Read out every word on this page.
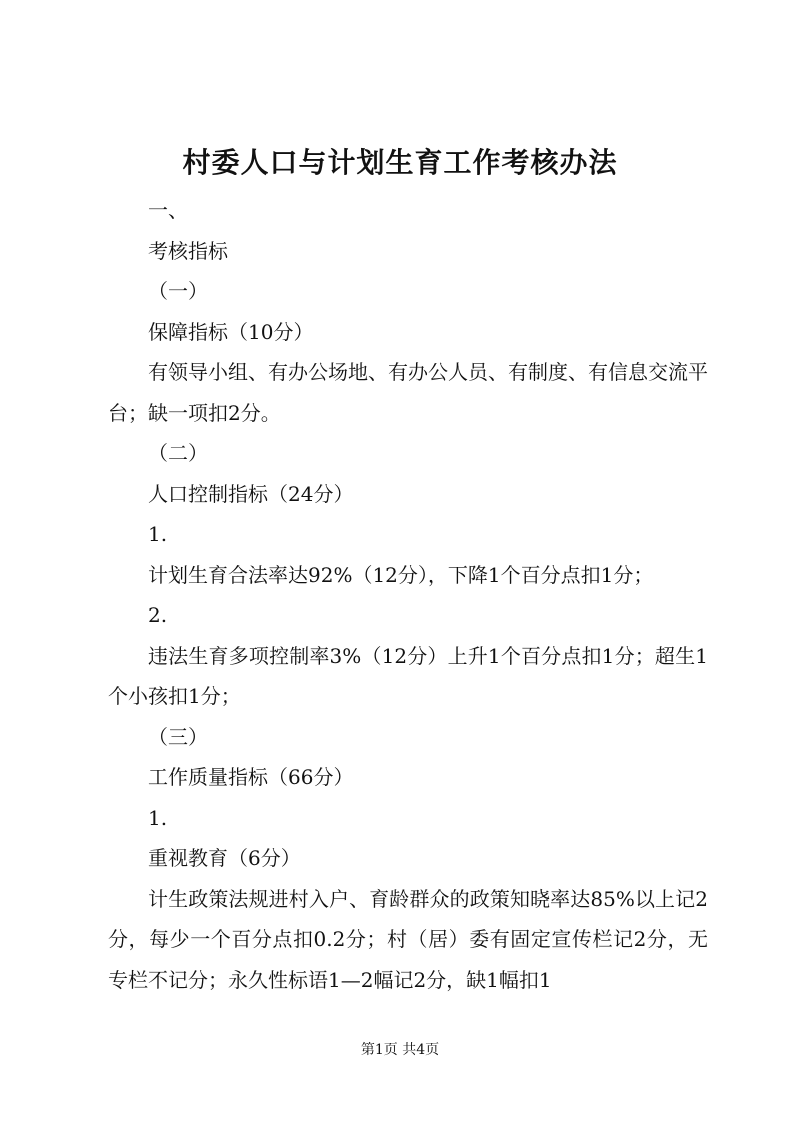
村委人口与计划生育工作考核办法

一、

考核指标

（一）

保障指标（10分）

有领导小组、有办公场地、有办公人员、有制度、有信息交流平台；缺一项扣2分。

（二）

人口控制指标（24分）

1.

计划生育合法率达92%（12分），下降1个百分点扣1分；

2.

违法生育多项控制率3%（12分）上升1个百分点扣1分；超生1个小孩扣1分；

（三）

工作质量指标（66分）

1.

重视教育（6分）

计生政策法规进村入户、育龄群众的政策知晓率达85%以上记2分，每少一个百分点扣0.2分；村（居）委有固定宣传栏记2分，无专栏不记分；永久性标语1—2幅记2分，缺1幅扣1

第1页 共4页
